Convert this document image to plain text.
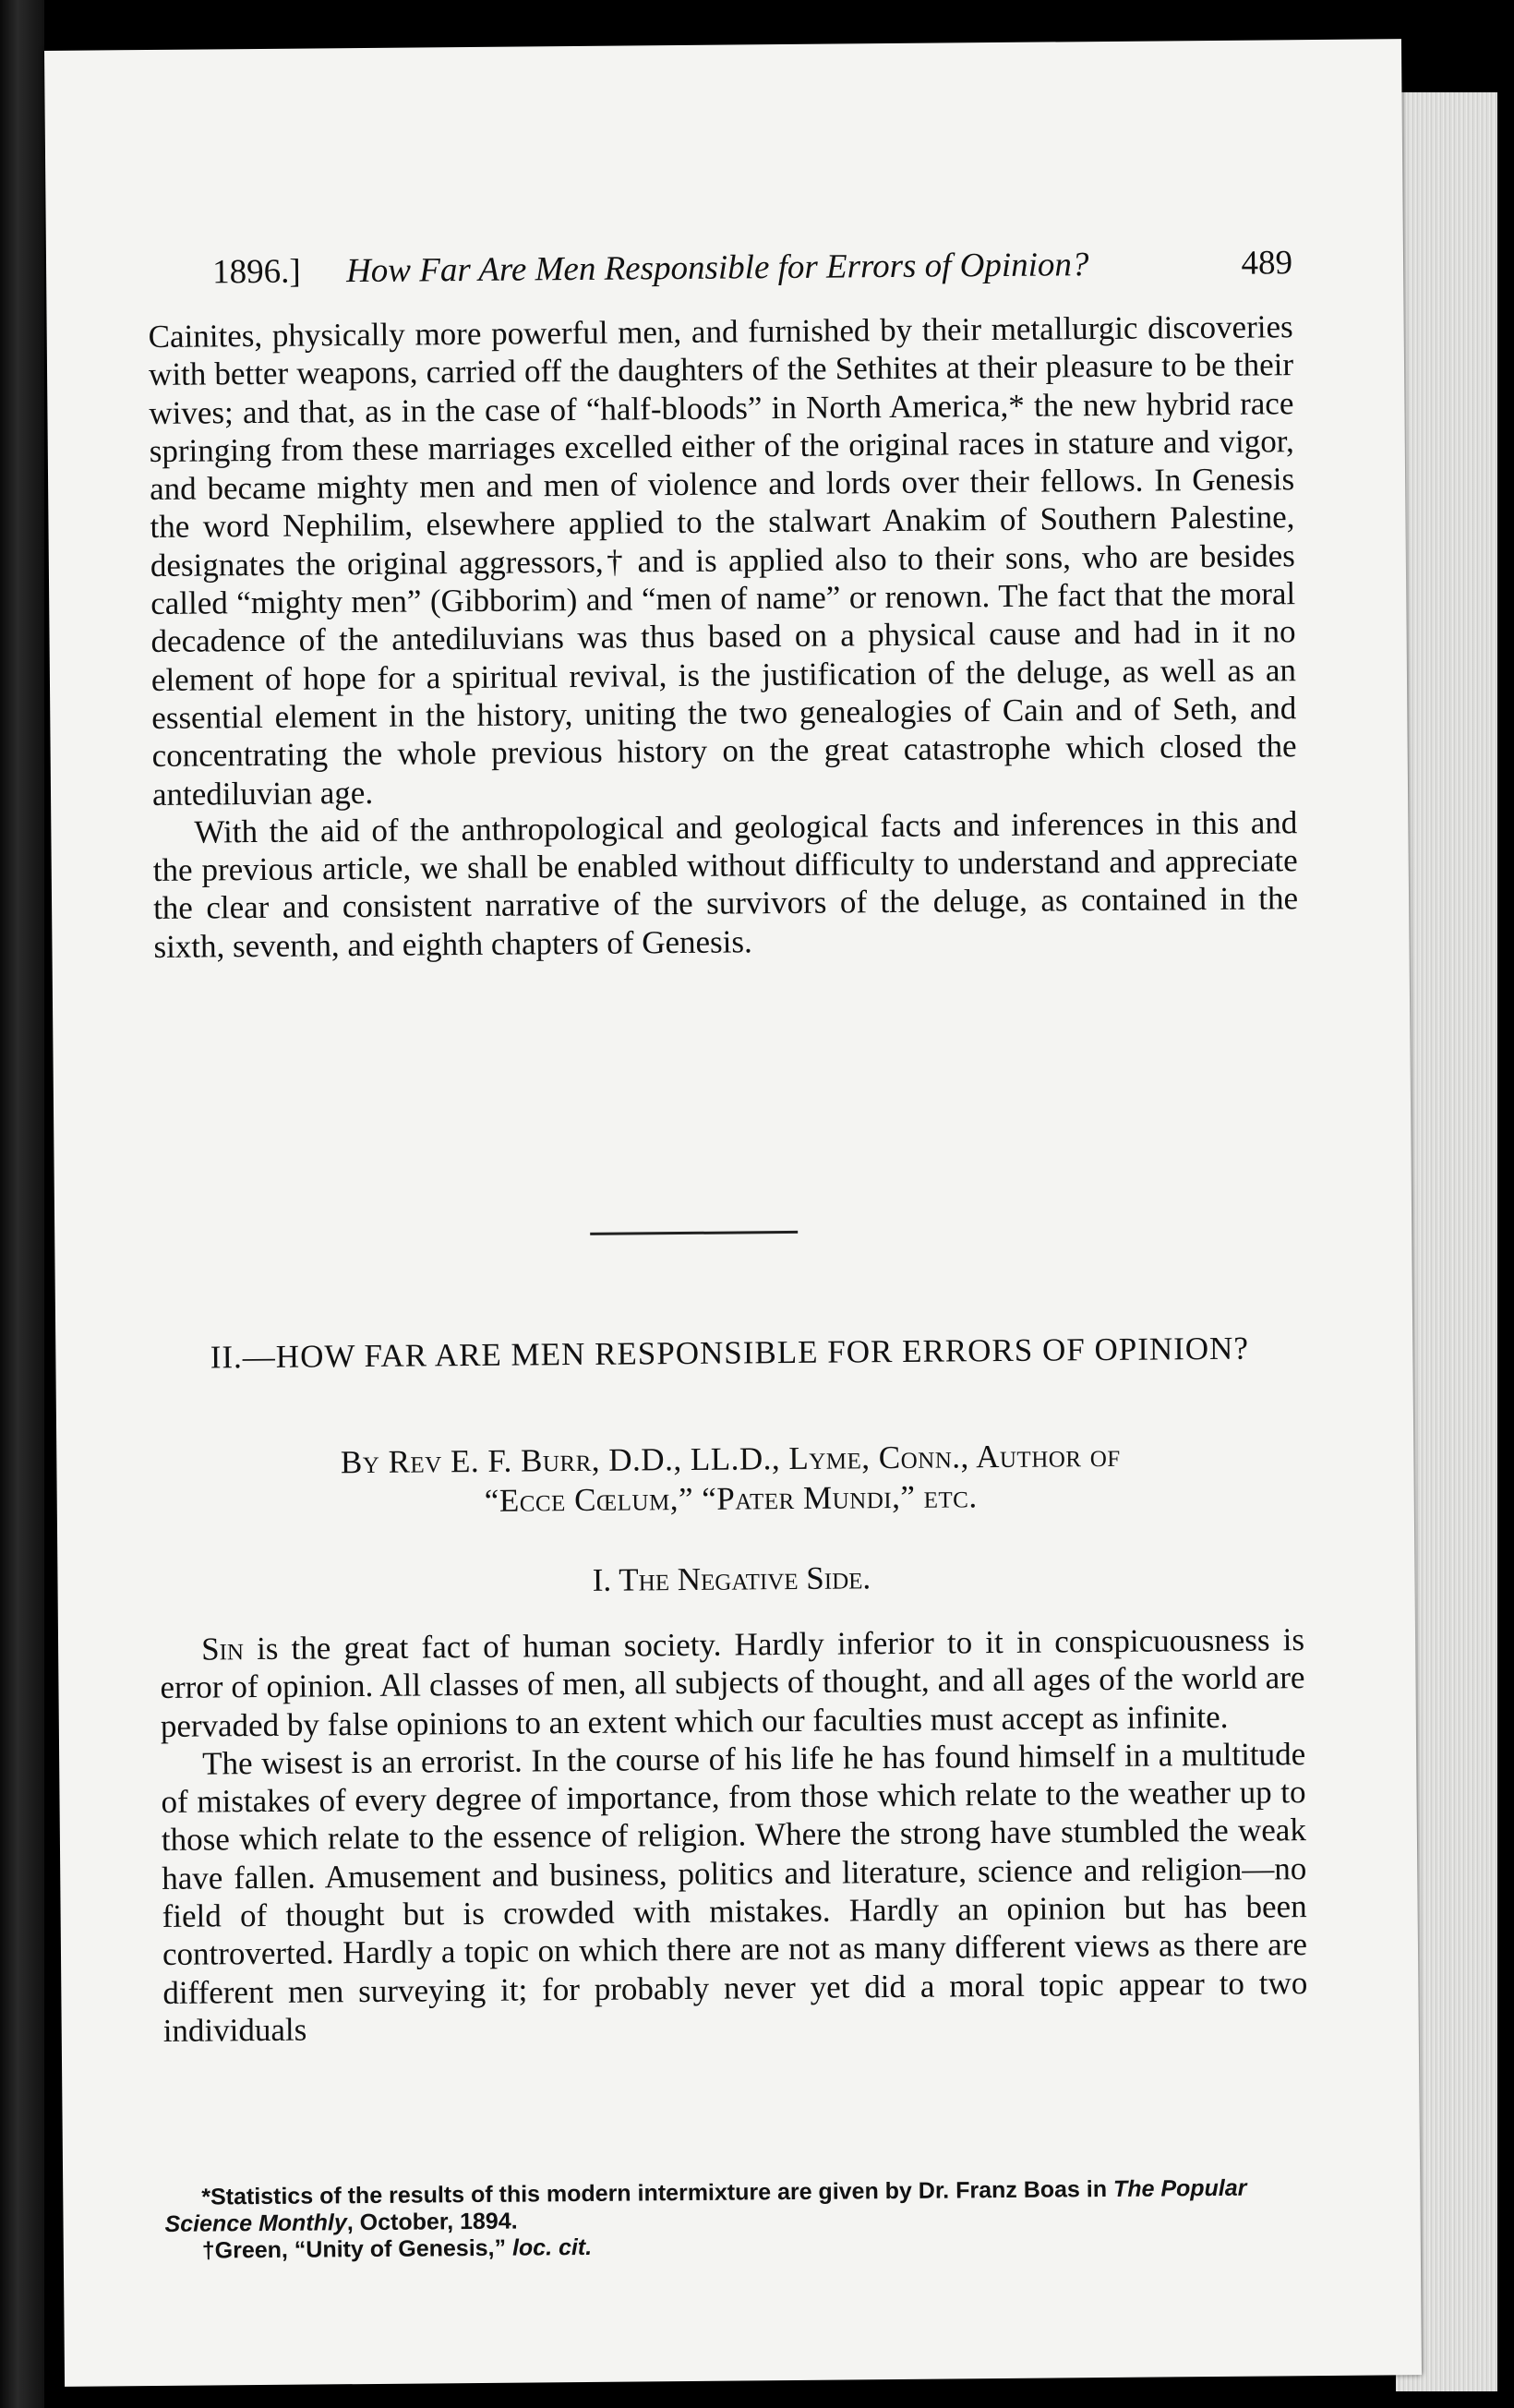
1896.] How Far Are Men Responsible for Errors of Opinion?	489

Cainites, physically more powerful men, and furnished by their metallurgic discoveries with better weapons, carried off the daughters of the Sethites at their pleasure to be their wives; and that, as in the case of “half-bloods” in North America,* the new hybrid race springing from these marriages excelled either of the original races in stature and vigor, and became mighty men and men of violence and lords over their fellows. In Genesis the word Nephilim, elsewhere applied to the stalwart Anakim of Southern Palestine, designates the original aggressors,† and is applied also to their sons, who are besides called “mighty men” (Gibborim) and “men of name” or renown. The fact that the moral decadence of the antediluvians was thus based on a physical cause and had in it no element of hope for a spiritual revival, is the justification of the deluge, as well as an essential element in the history, uniting the two genealogies of Cain and of Seth, and concentrating the whole previous history on the great catastrophe which closed the antediluvian age.

With the aid of the anthropological and geological facts and inferences in this and the previous article, we shall be enabled without difficulty to understand and appreciate the clear and consistent narrative of the survivors of the deluge, as contained in the sixth, seventh, and eighth chapters of Genesis.

II.—HOW FAR ARE MEN RESPONSIBLE FOR ERRORS OF OPINION?
By Rev E. F. Burr, D.D., LL.D., Lyme, Conn., Author of
“Ecce Cœlum,” “Pater Mundi,” etc.
I. The Negative Side.

Sin is the great fact of human society. Hardly inferior to it in conspicuousness is error of opinion. All classes of men, all subjects of thought, and all ages of the world are pervaded by false opinions to an extent which our faculties must accept as infinite.

The wisest is an errorist. In the course of his life he has found himself in a multitude of mistakes of every degree of importance, from those which relate to the weather up to those which relate to the essence of religion. Where the strong have stumbled the weak have fallen. Amusement and business, politics and literature, science and religion—no field of thought but is crowded with mistakes. Hardly an opinion but has been controverted. Hardly a topic on which there are not as many different views as there are different men surveying it; for probably never yet did a moral topic appear to two individuals

*Statistics of the results of this modern intermixture are given by Dr. Franz Boas in The Popular Science Monthly, October, 1894.

†Green, “Unity of Genesis,” loc. cit.
